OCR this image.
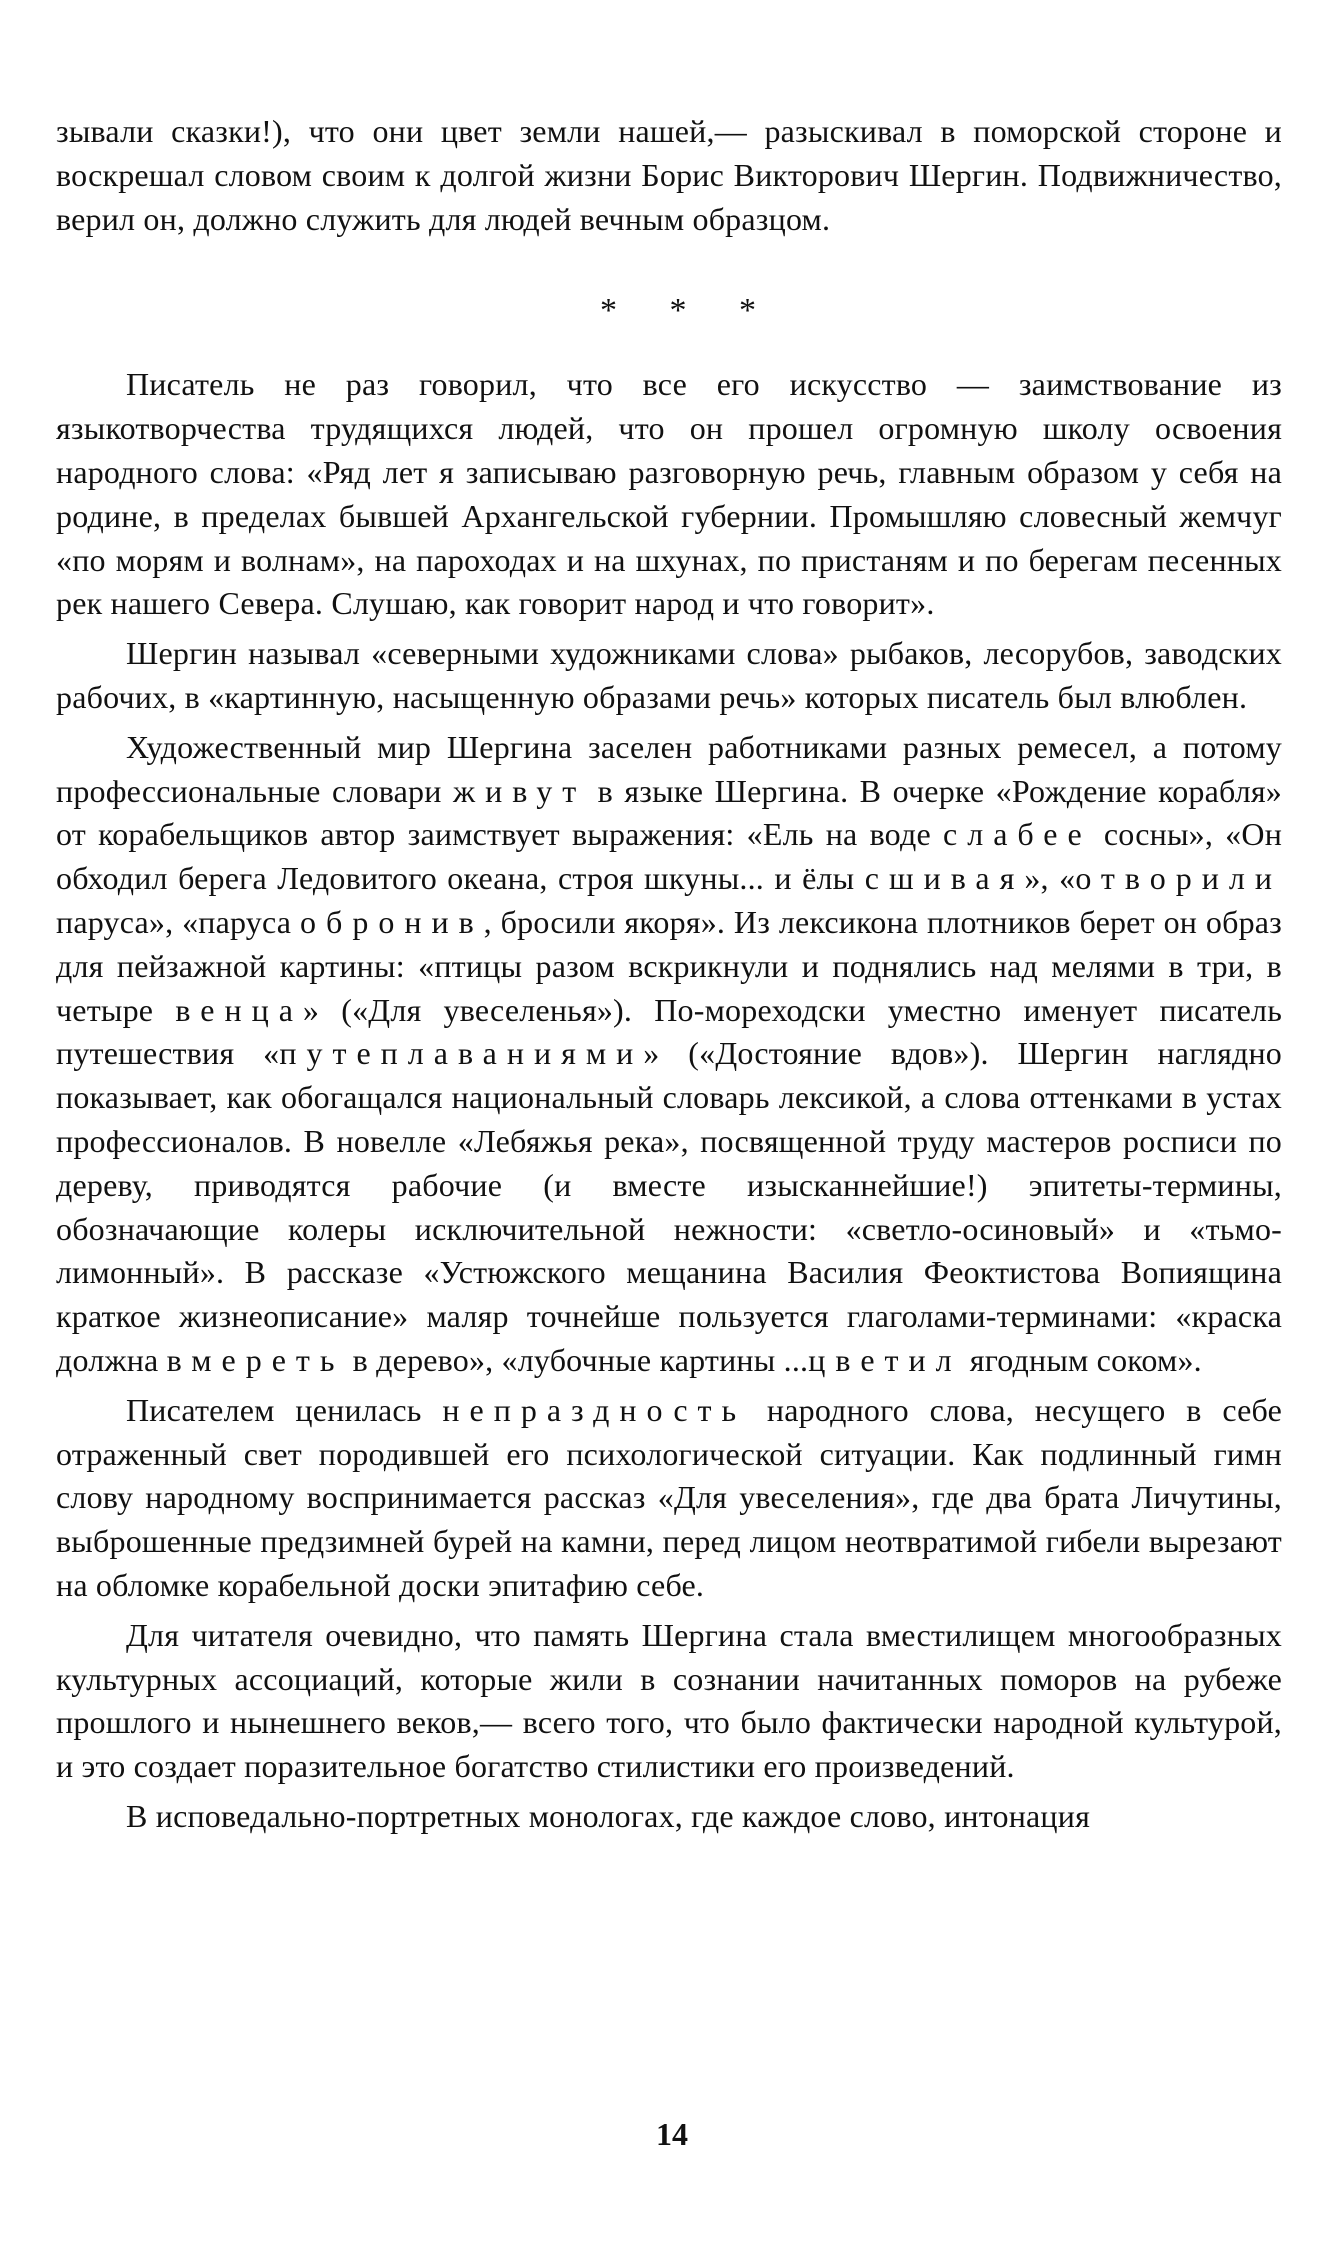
зывали сказки!), что они цвет земли нашей,— разыскивал в поморской стороне и воскрешал словом своим к долгой жизни Борис Викторович Шергин. Подвижничество, верил он, должно служить для людей вечным образцом.

* * *

Писатель не раз говорил, что все его искусство — заимствование из языкотворчества трудящихся людей, что он прошел огромную школу освоения народного слова: «Ряд лет я записываю разговорную речь, главным образом у себя на родине, в пределах бывшей Архангельской губернии. Промышляю словесный жемчуг «по морям и волнам», на пароходах и на шхунах, по пристаням и по берегам песенных рек нашего Севера. Слушаю, как говорит народ и что говорит».

Шергин называл «северными художниками слова» рыбаков, лесорубов, заводских рабочих, в «картинную, насыщенную образами речь» которых писатель был влюблен.

Художественный мир Шергина заселен работниками разных ремесел, а потому профессиональные словари живут в языке Шергина. В очерке «Рождение корабля» от корабельщиков автор заимствует выражения: «Ель на воде слабее сосны», «Он обходил берега Ледовитого океана, строя шкуны... и ёлы сшивая», «отворили паруса», «паруса обронив, бросили якоря». Из лексикона плотников берет он образ для пейзажной картины: «птицы разом вскрикнули и поднялись над мелями в три, в четыре венца» («Для увеселенья»). По-мореходски уместно именует писатель путешествия «путеплаваниями» («Достояние вдов»). Шергин наглядно показывает, как обогащался национальный словарь лексикой, а слова оттенками в устах профессионалов. В новелле «Лебяжья река», посвященной труду мастеров росписи по дереву, приводятся рабочие (и вместе изысканнейшие!) эпитеты-термины, обозначающие колеры исключительной нежности: «светло-осиновый» и «тьмо-лимонный». В рассказе «Устюжского мещанина Василия Феоктистова Вопиящина краткое жизнеописание» маляр точнейше пользуется глаголами-терминами: «краска должна вмереть в дерево», «лубочные картины ...цветил ягодным соком».

Писателем ценилась непраздность народного слова, несущего в себе отраженный свет породившей его психологической ситуации. Как подлинный гимн слову народному воспринимается рассказ «Для увеселения», где два брата Личутины, выброшенные предзимней бурей на камни, перед лицом неотвратимой гибели вырезают на обломке корабельной доски эпитафию себе.

Для читателя очевидно, что память Шергина стала вместилищем многообразных культурных ассоциаций, которые жили в сознании начитанных поморов на рубеже прошлого и нынешнего веков,— всего того, что было фактически народной культурой, и это создает поразительное богатство стилистики его произведений.

В исповедально-портретных монологах, где каждое слово, интонация

14
